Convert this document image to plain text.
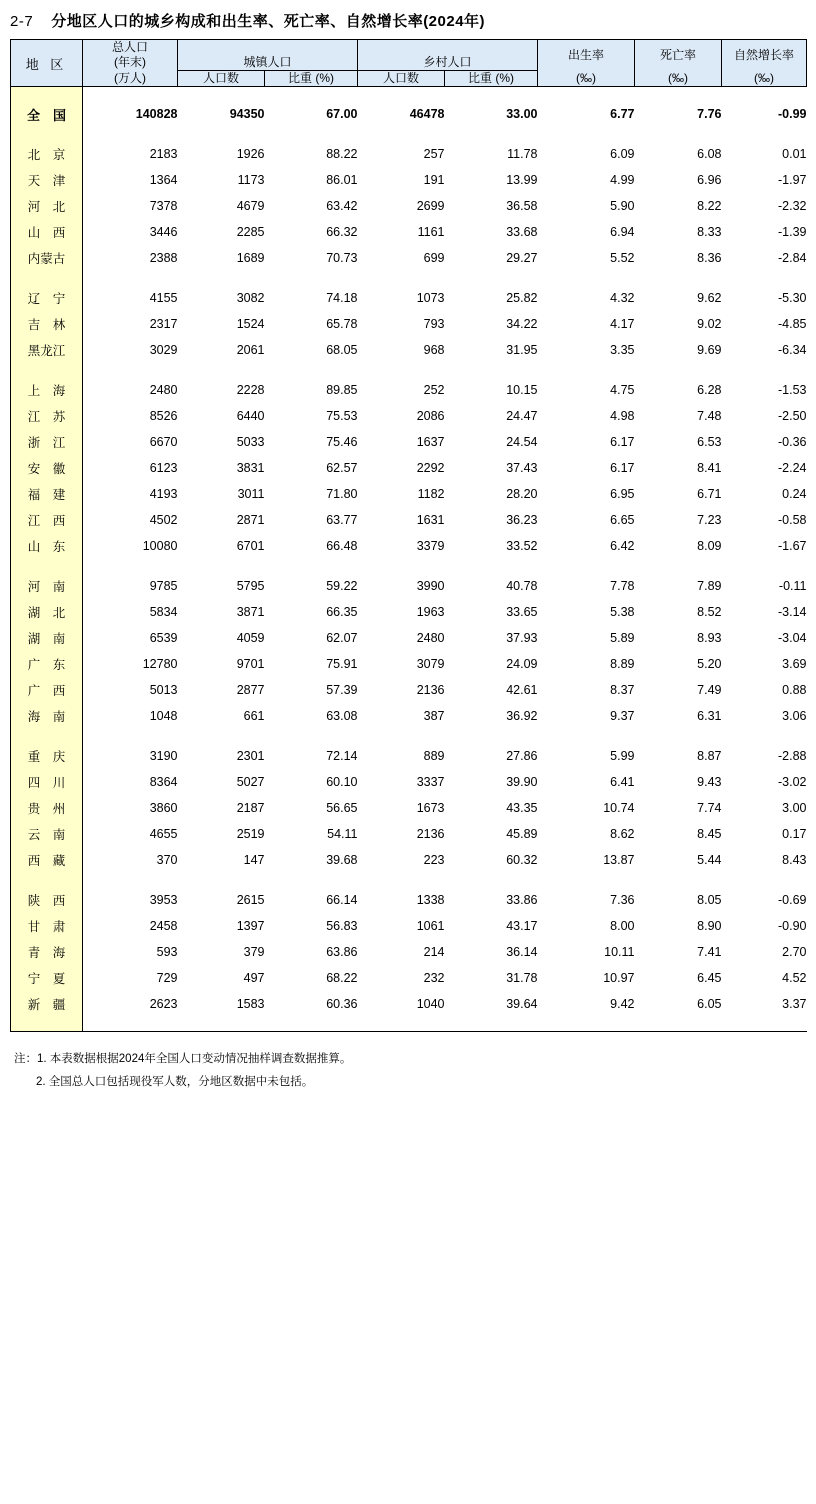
2-7 分地区人口的城乡构成和出生率、死亡率、自然增长率(2024年)
地 区	总人口					出生率	死亡率	自然增长率
	(年末)	城镇人口		乡村人口				
	(万人)	人口数	比重 (%)	人口数	比重 (%)	(‰)	(‰)	(‰)

全　国	140828	94350	67.00	46478	33.00	6.77	7.76	-0.99

北　京	2183	1926	88.22	257	11.78	6.09	6.08	0.01
天　津	1364	1173	86.01	191	13.99	4.99	6.96	-1.97
河　北	7378	4679	63.42	2699	36.58	5.90	8.22	-2.32
山　西	3446	2285	66.32	1161	33.68	6.94	8.33	-1.39
内蒙古	2388	1689	70.73	699	29.27	5.52	8.36	-2.84

辽　宁	4155	3082	74.18	1073	25.82	4.32	9.62	-5.30
吉　林	2317	1524	65.78	793	34.22	4.17	9.02	-4.85
黑龙江	3029	2061	68.05	968	31.95	3.35	9.69	-6.34

上　海	2480	2228	89.85	252	10.15	4.75	6.28	-1.53
江　苏	8526	6440	75.53	2086	24.47	4.98	7.48	-2.50
浙　江	6670	5033	75.46	1637	24.54	6.17	6.53	-0.36
安　徽	6123	3831	62.57	2292	37.43	6.17	8.41	-2.24
福　建	4193	3011	71.80	1182	28.20	6.95	6.71	0.24
江　西	4502	2871	63.77	1631	36.23	6.65	7.23	-0.58
山　东	10080	6701	66.48	3379	33.52	6.42	8.09	-1.67

河　南	9785	5795	59.22	3990	40.78	7.78	7.89	-0.11
湖　北	5834	3871	66.35	1963	33.65	5.38	8.52	-3.14
湖　南	6539	4059	62.07	2480	37.93	5.89	8.93	-3.04
广　东	12780	9701	75.91	3079	24.09	8.89	5.20	3.69
广　西	5013	2877	57.39	2136	42.61	8.37	7.49	0.88
海　南	1048	661	63.08	387	36.92	9.37	6.31	3.06

重　庆	3190	2301	72.14	889	27.86	5.99	8.87	-2.88
四　川	8364	5027	60.10	3337	39.90	6.41	9.43	-3.02
贵　州	3860	2187	56.65	1673	43.35	10.74	7.74	3.00
云　南	4655	2519	54.11	2136	45.89	8.62	8.45	0.17
西　藏	370	147	39.68	223	60.32	13.87	5.44	8.43

陕　西	3953	2615	66.14	1338	33.86	7.36	8.05	-0.69
甘　肃	2458	1397	56.83	1061	43.17	8.00	8.90	-0.90
青　海	593	379	63.86	214	36.14	10.11	7.41	2.70
宁　夏	729	497	68.22	232	31.78	10.97	6.45	4.52
新　疆	2623	1583	60.36	1040	39.64	9.42	6.05	3.37

注：1. 本表数据根据2024年全国人口变动情况抽样调查数据推算。
2. 全国总人口包括现役军人数，分地区数据中未包括。
